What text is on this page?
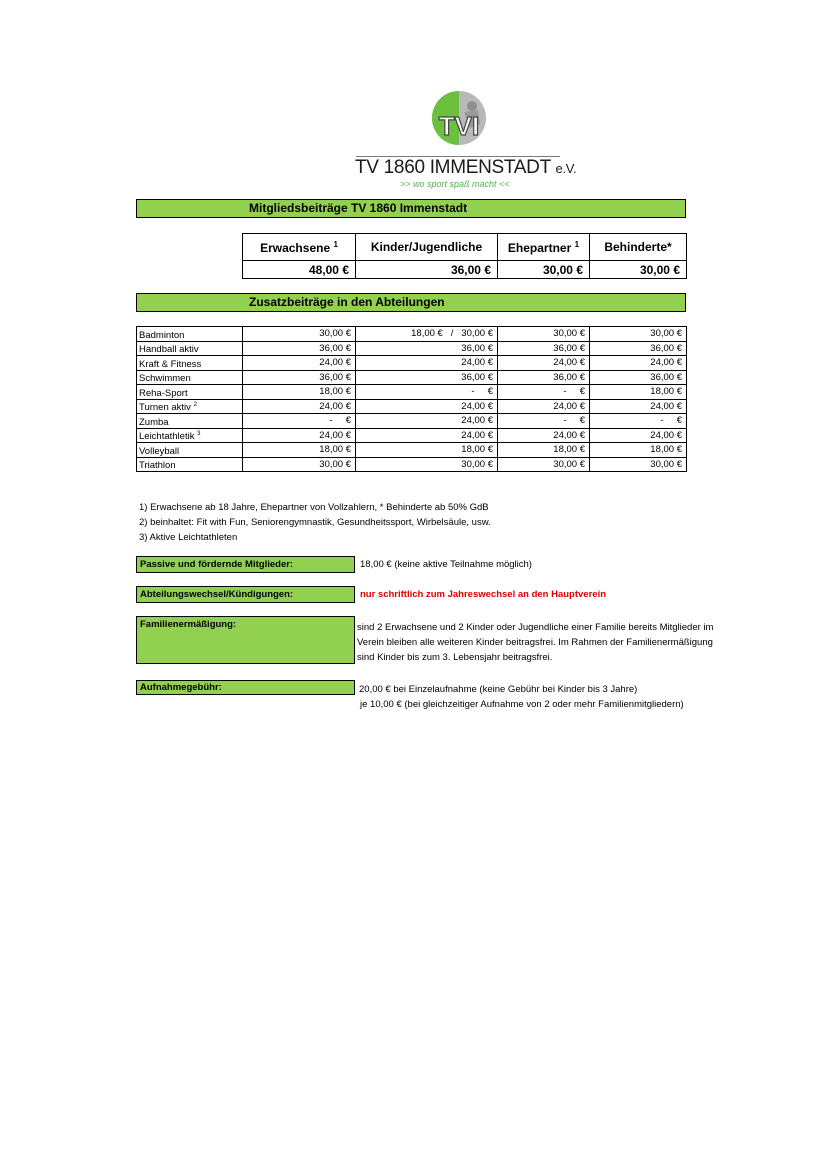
TVI
TV 1860 IMMENSTADT e.V.
>> wo sport spaß macht <<
Mitgliedsbeiträge TV 1860 Immenstadt
Erwachsene $^1$	Kinder/Jugendliche	Ehepartner $^1$	Behinderte*
48,00 €	36,00 €	30,00 €	30,00 €
Zusatzbeiträge in den Abteilungen
Badminton	30,00 €	18,00 €   /   30,00 €	30,00 €	30,00 €
Handball aktiv	36,00 €	36,00 €	36,00 €	36,00 €
Kraft & Fitness	24,00 €	24,00 €	24,00 €	24,00 €
Schwimmen	36,00 €	36,00 €	36,00 €	36,00 €
Reha-Sport	18,00 €	-     €	-     €	18,00 €
Turnen aktiv $^2$	24,00 €	24,00 €	24,00 €	24,00 €
Zumba	-     €	24,00 €	-     €	-     €
Leichtathletik $^3$	24,00 €	24,00 €	24,00 €	24,00 €
Volleyball	18,00 €	18,00 €	18,00 €	18,00 €
Triathlon	30,00 €	30,00 €	30,00 €	30,00 €
1) Erwachsene ab 18 Jahre, Ehepartner von Vollzahlern, * Behinderte ab 50% GdB
2) beinhaltet: Fit with Fun, Seniorengymnastik, Gesundheitssport, Wirbelsäule, usw.
3) Aktive Leichtathleten
Passive und fördernde Mitglieder:	18,00 € (keine aktive Teilnahme möglich)
Abteilungswechsel/Kündigungen:	nur schriftlich zum Jahreswechsel an den Hauptverein
Familienermäßigung:	sind 2 Erwachsene und 2 Kinder oder Jugendliche einer Familie bereits Mitglieder im
Verein bleiben alle weiteren Kinder beitragsfrei. Im Rahmen der Familienermäßigung
sind Kinder bis zum 3. Lebensjahr beitragsfrei.
Aufnahmegebühr:	20,00 € bei Einzelaufnahme (keine Gebühr bei Kinder bis 3 Jahre)
je 10,00 € (bei gleichzeitiger Aufnahme von 2 oder mehr Familienmitgliedern)
